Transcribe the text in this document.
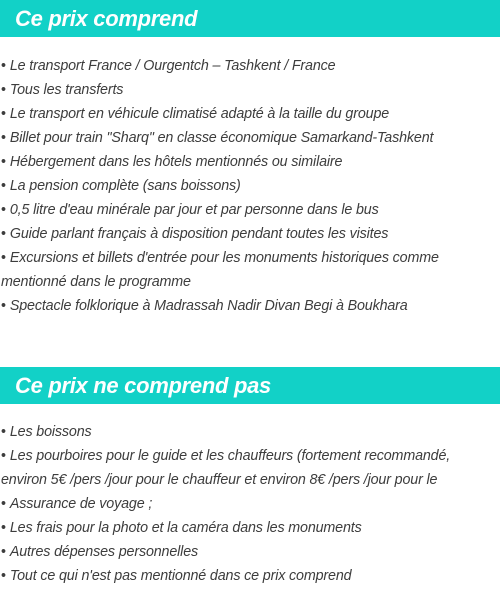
Ce prix comprend
• Le transport France / Ourgentch – Tashkent / France
• Tous les transferts
• Le transport en véhicule climatisé adapté à la taille du groupe
• Billet pour train "Sharq" en classe économique Samarkand-Tashkent
• Hébergement dans les hôtels mentionnés ou similaire
• La pension complète (sans boissons)
• 0,5 litre d'eau minérale par jour et par personne dans le bus
• Guide parlant français à disposition pendant toutes les visites
• Excursions et billets d'entrée pour les monuments historiques comme mentionné dans le programme
• Spectacle folklorique à Madrassah Nadir Divan Begi à Boukhara
Ce prix ne comprend pas
• Les boissons
• Les pourboires pour le guide et les chauffeurs (fortement recommandé,
environ 5€ /pers /jour pour le chauffeur et environ 8€ /pers /jour pour le
• Assurance de voyage ;
• Les frais pour la photo et la caméra dans les monuments
• Autres dépenses personnelles
• Tout ce qui n'est pas mentionné dans ce prix comprend
